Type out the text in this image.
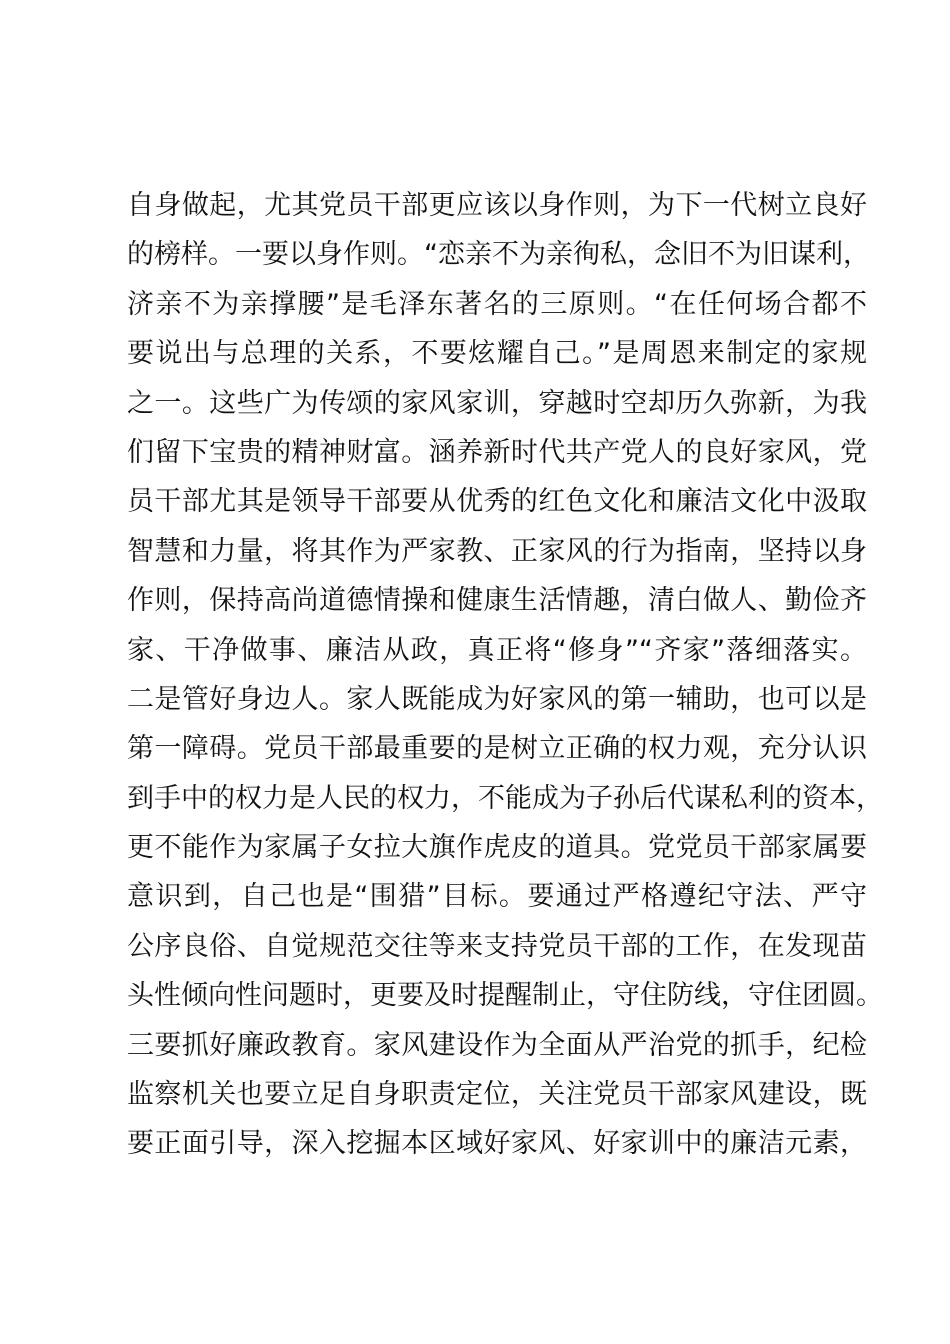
自身做起，尤其党员干部更应该以身作则，为下一代树立良好
的榜样。一要以身作则。“恋亲不为亲徇私，念旧不为旧谋利，
济亲不为亲撑腰”是毛泽东著名的三原则。“在任何场合都不
要说出与总理的关系，不要炫耀自己。”是周恩来制定的家规
之一。这些广为传颂的家风家训，穿越时空却历久弥新，为我
们留下宝贵的精神财富。涵养新时代共产党人的良好家风，党
员干部尤其是领导干部要从优秀的红色文化和廉洁文化中汲取
智慧和力量，将其作为严家教、正家风的行为指南，坚持以身
作则，保持高尚道德情操和健康生活情趣，清白做人、勤俭齐
家、干净做事、廉洁从政，真正将“修身”“齐家”落细落实。
二是管好身边人。家人既能成为好家风的第一辅助，也可以是
第一障碍。党员干部最重要的是树立正确的权力观，充分认识
到手中的权力是人民的权力，不能成为子孙后代谋私利的资本，
更不能作为家属子女拉大旗作虎皮的道具。党党员干部家属要
意识到，自己也是“围猎”目标。要通过严格遵纪守法、严守
公序良俗、自觉规范交往等来支持党员干部的工作，在发现苗
头性倾向性问题时，更要及时提醒制止，守住防线，守住团圆。
三要抓好廉政教育。家风建设作为全面从严治党的抓手，纪检
监察机关也要立足自身职责定位，关注党员干部家风建设，既
要正面引导，深入挖掘本区域好家风、好家训中的廉洁元素，
